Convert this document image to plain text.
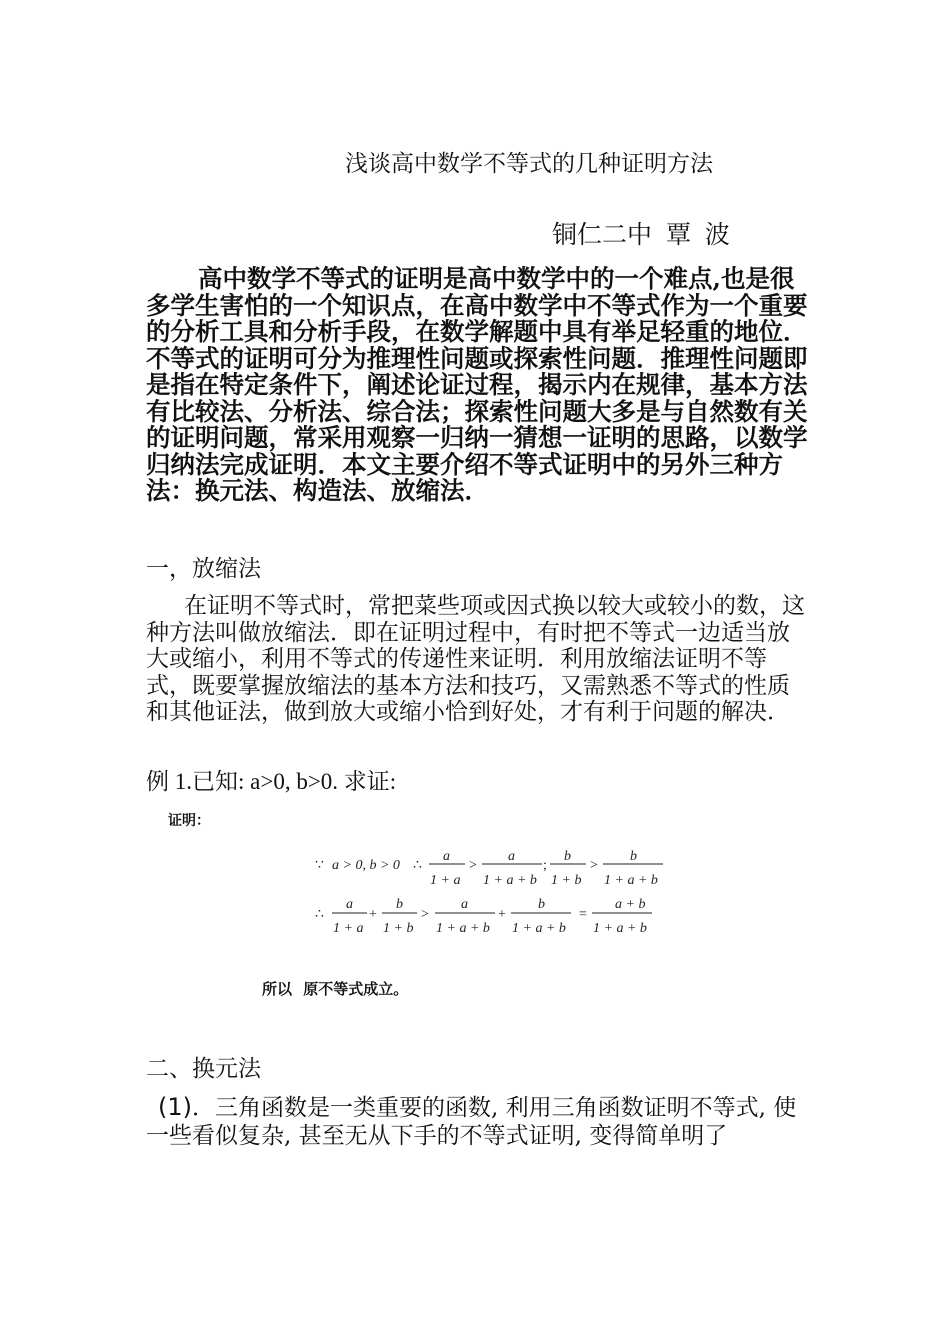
浅谈高中数学不等式的几种证明方法
铜仁二中 覃 波
高中数学不等式的证明是高中数学中的一个难点,也是很多学生害怕的一个知识点，在高中数学中不等式作为一个重要的分析工具和分析手段，在数学解题中具有举足轻重的地位．不等式的证明可分为推理性问题或探索性问题．推理性问题即是指在特定条件下，阐述论证过程，揭示内在规律，基本方法有比较法、分析法、综合法；探索性问题大多是与自然数有关的证明问题，常采用观察一归纳一猜想一证明的思路，以数学归纳法完成证明．本文主要介绍不等式证明中的另外三种方法：换元法、构造法、放缩法．
一，放缩法
在证明不等式时，常把菜些项或因式换以较大或较小的数，这种方法叫做放缩法．即在证明过程中，有时把不等式一边适当放大或缩小，利用不等式的传递性来证明．利用放缩法证明不等式，既要掌握放缩法的基本方法和技巧，又需熟悉不等式的性质和其他证法，做到放大或缩小恰到好处，才有利于问题的解决．
例 1.已知: a>0, b>0. 求证:
证明：
∵ a > 0, b > 0 ∴
a
1 + a
>
a
1 + a + b
;
b
1 + b
>
b
1 + a + b
∴
a
1 + a
+
b
1 + b
>
a
1 + a + b
+
b
1 + a + b
=
a + b
1 + a + b
所以 原不等式成立。
二、换元法
(1)．三角函数是一类重要的函数, 利用三角函数证明不等式, 使一些看似复杂, 甚至无从下手的不等式证明, 变得简单明了
